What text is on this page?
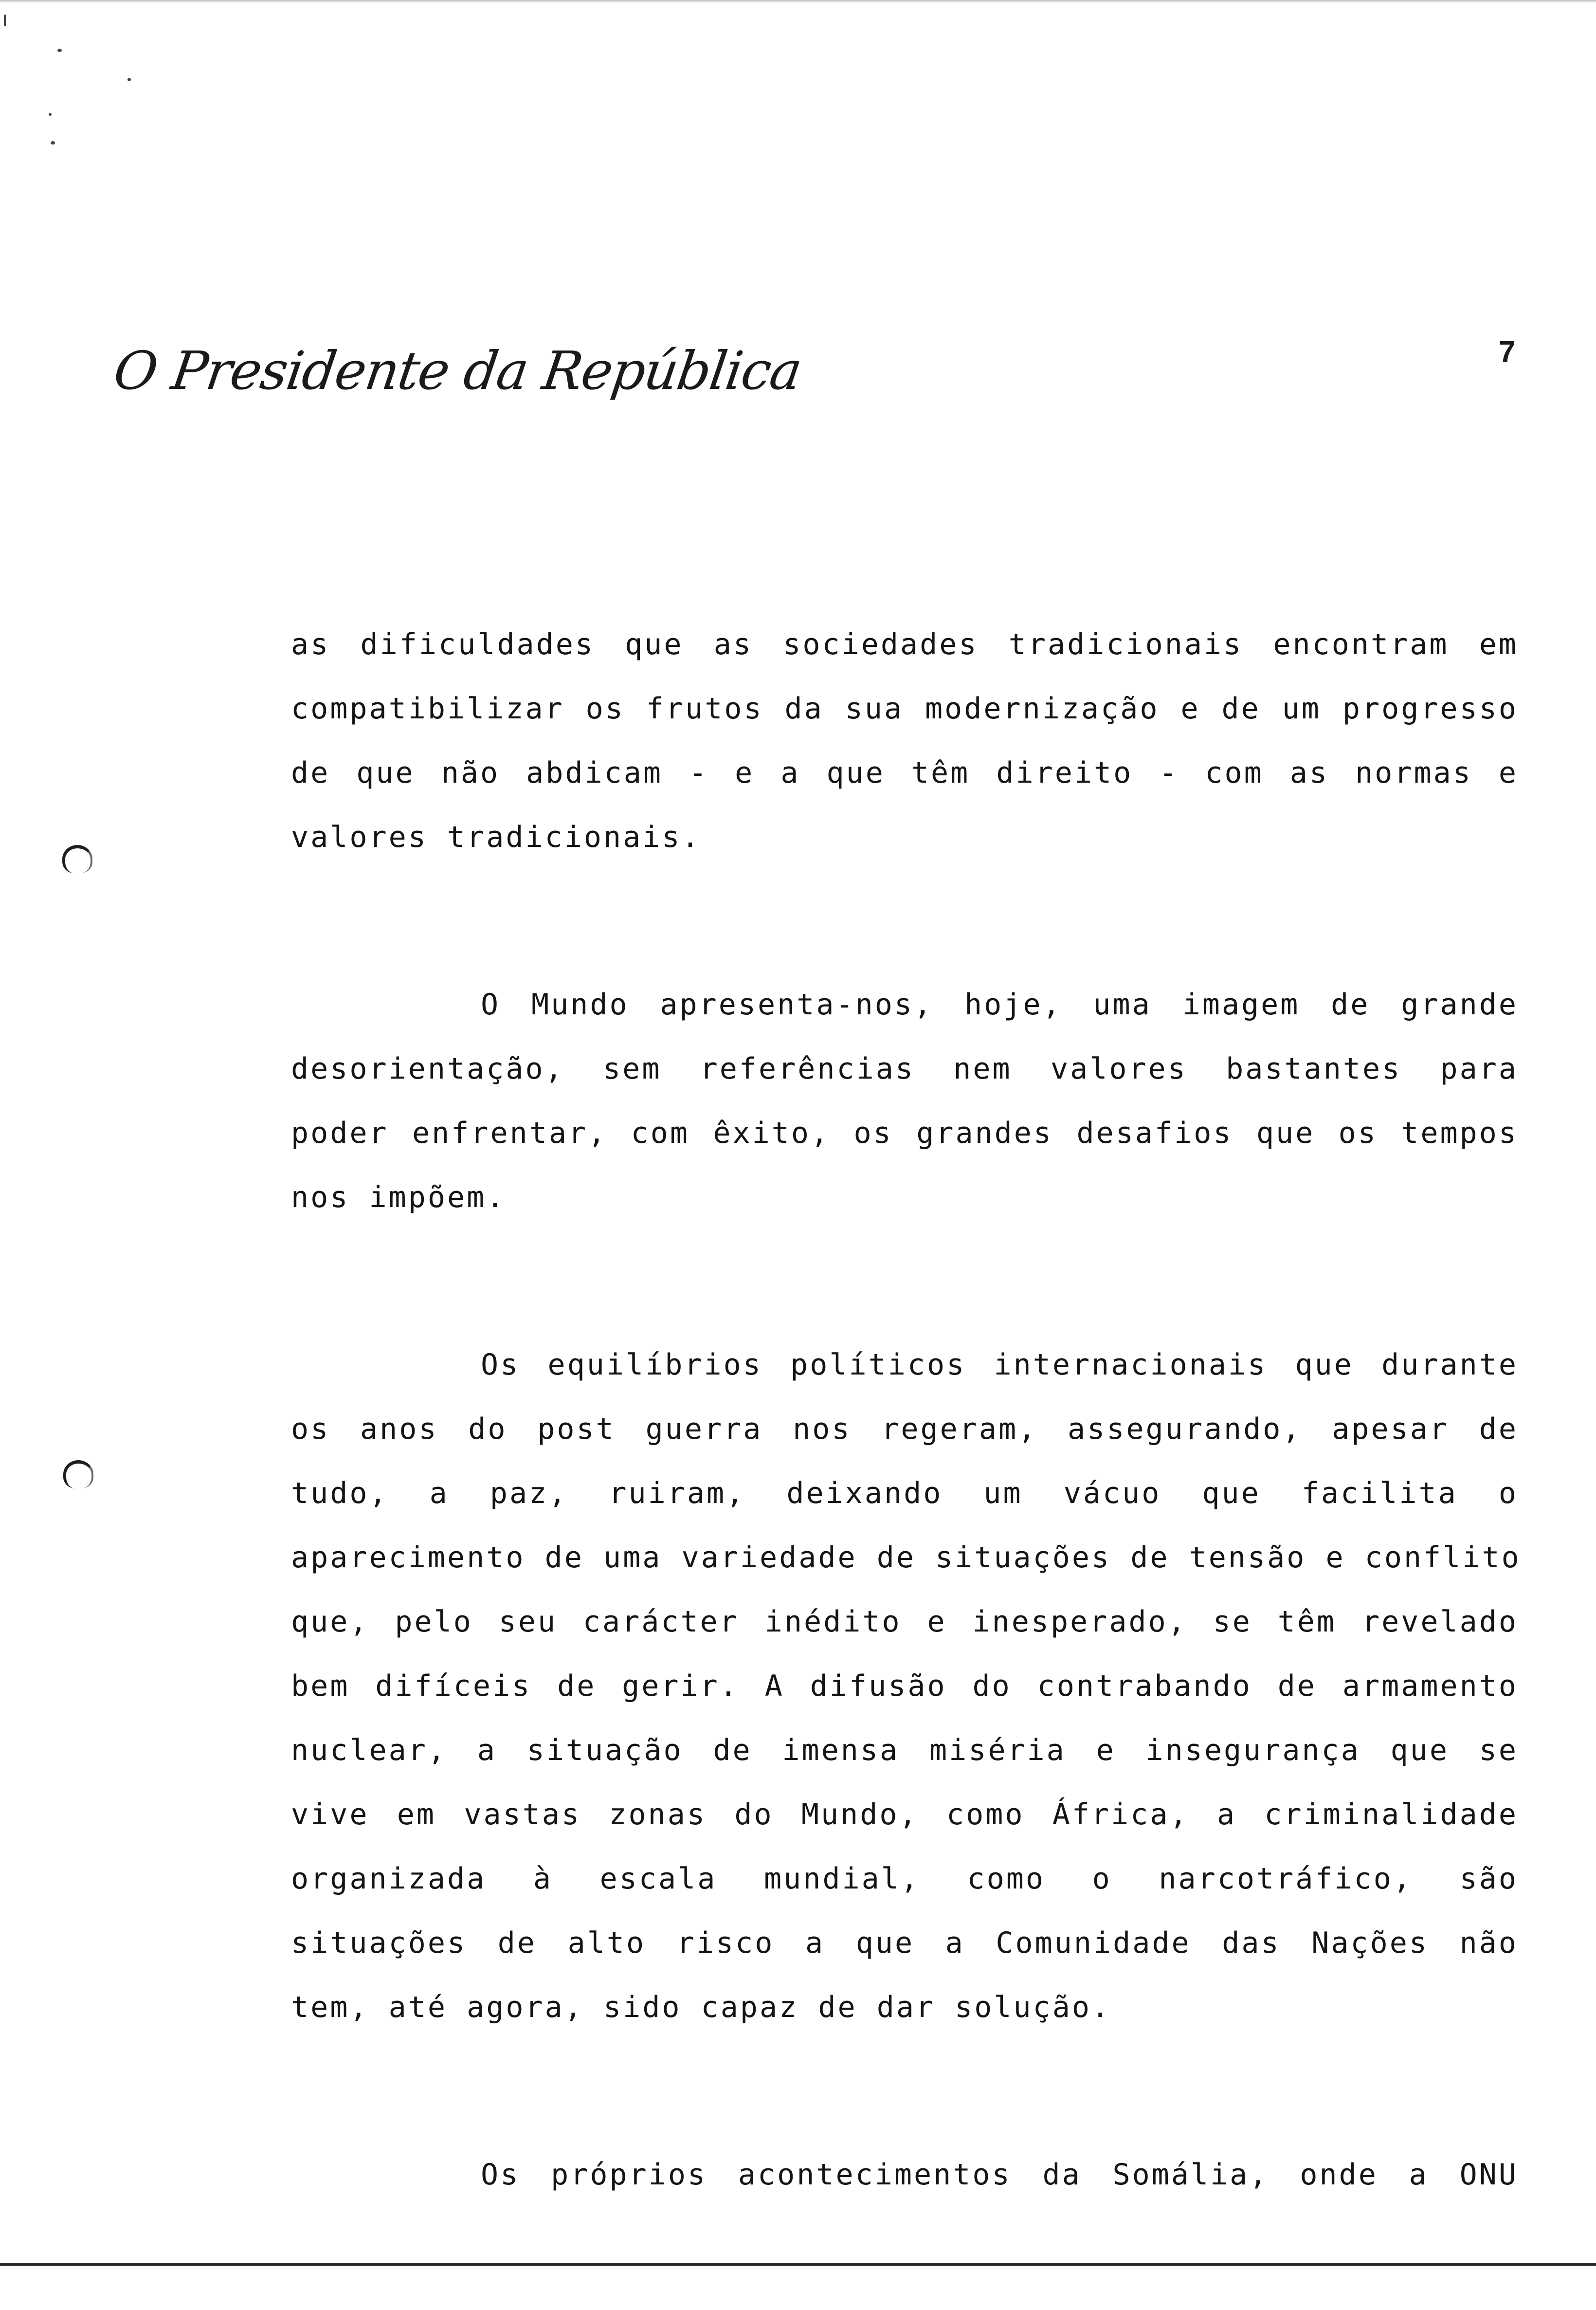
O Presidente da República	7
as dificuldades que as sociedades tradicionais encontram em
compatibilizar os frutos da sua modernização e de um progresso
de que não abdicam - e a que têm direito - com as normas e
valores tradicionais.
O Mundo apresenta-nos, hoje, uma imagem de grande
desorientação, sem referências nem valores bastantes para
poder enfrentar, com êxito, os grandes desafios que os tempos
nos impõem.
Os equilíbrios políticos internacionais que durante
os anos do post guerra nos regeram, assegurando, apesar de
tudo, a paz, ruiram, deixando um vácuo que facilita o
aparecimento de uma variedade de situações de tensão e conflito
que, pelo seu carácter inédito e inesperado, se têm revelado
bem difíceis de gerir. A difusão do contrabando de armamento
nuclear, a situação de imensa miséria e insegurança que se
vive em vastas zonas do Mundo, como África, a criminalidade
organizada à escala mundial, como o narcotráfico, são
situações de alto risco a que a Comunidade das Nações não
tem, até agora, sido capaz de dar solução.
Os próprios acontecimentos da Somália, onde a ONU
